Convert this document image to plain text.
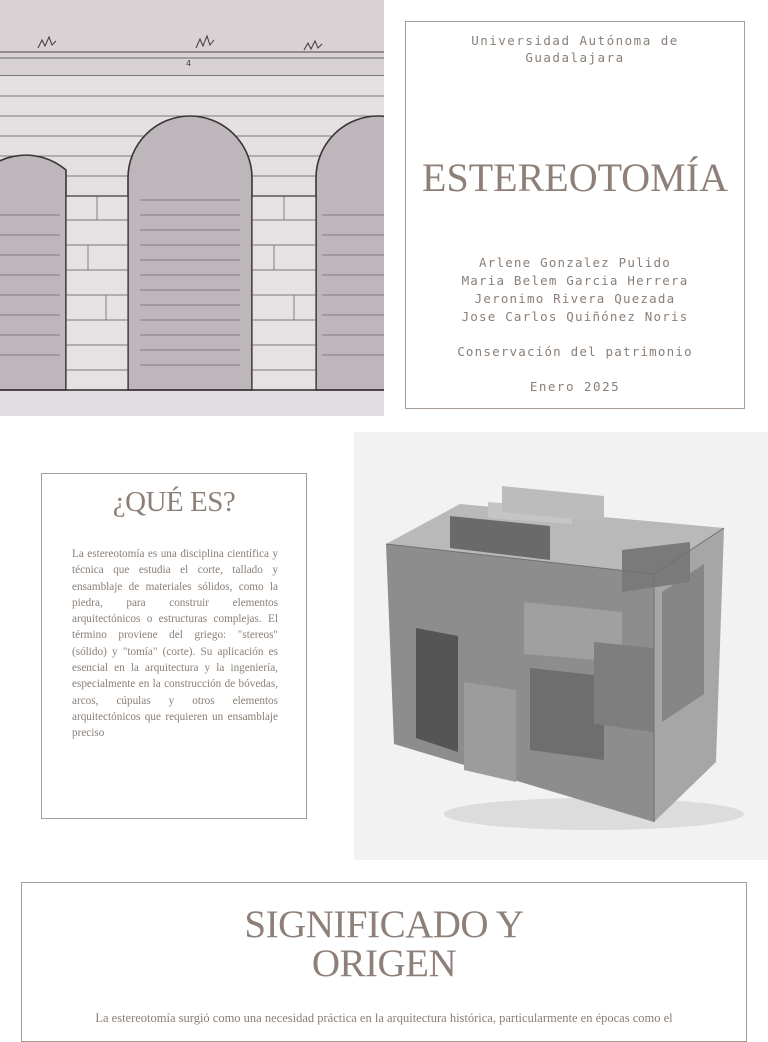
4
Universidad Autónoma de Guadalajara
ESTEREOTOMÍA
Arlene Gonzalez Pulido
Maria Belem Garcia Herrera
Jeronimo Rivera Quezada
Jose Carlos Quiñónez Noris
Conservación del patrimonio
Enero 2025
¿QUÉ ES?
La estereotomía es una disciplina científica y técnica que estudia el corte, tallado y ensamblaje de materiales sólidos, como la piedra, para construir elementos arquitectónicos o estructuras complejas. El término proviene del griego: "stereos" (sólido) y "tomía" (corte). Su aplicación es esencial en la arquitectura y la ingeniería, especialmente en la construcción de bóvedas, arcos, cúpulas y otros elementos arquitectónicos que requieren un ensamblaje preciso
SIGNIFICADO Y
ORIGEN
La estereotomía surgió como una necesidad práctica en la arquitectura histórica, particularmente en épocas como el
